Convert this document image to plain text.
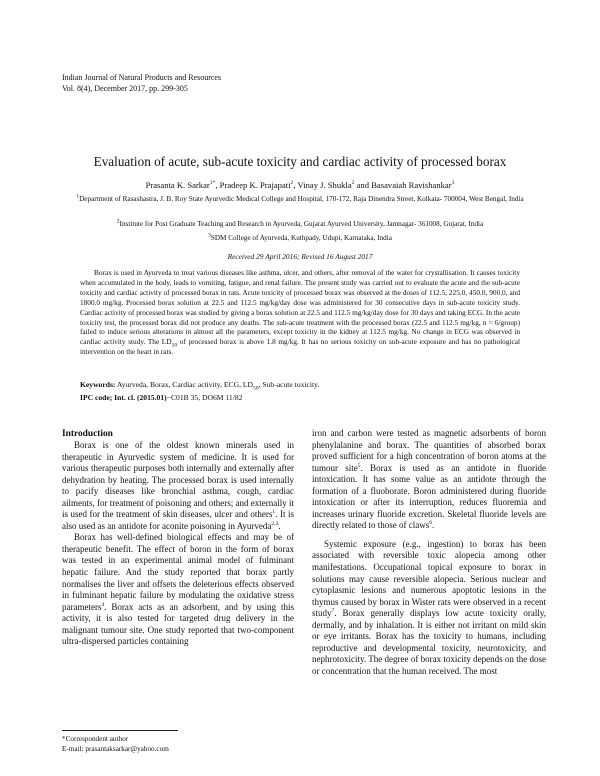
Indian Journal of Natural Products and Resources
Vol. 8(4), December 2017, pp. 299-305
Evaluation of acute, sub-acute toxicity and cardiac activity of processed borax
Prasanta K. Sarkar$^{1*}$, Pradeep K. Prajapati$^2$, Vinay J. Shukla$^2$ and Basavaiah Ravishankar$^3$
$^1$Department of Rasashastra, J. B. Roy State Ayurvedic Medical College and Hospital, 170-172, Raja Dinendra Street, Kolkata- 700004, West Bengal, India
$^2$Institute for Post Graduate Teaching and Research in Ayurveda, Gujarat Ayurved University, Jamnagar- 361008, Gujarat, India
$^3$SDM College of Ayurveda, Kuthpady, Udupi, Karnataka, India
Received 29 April 2016; Revised 16 August 2017

Borax is used in Ayurveda to treat various diseases like asthma, ulcer, and others, after removal of the water for crystallisation. It causes toxicity when accumulated in the body, leads to vomiting, fatigue, and renal failure. The present study was carried out to evaluate the acute and the sub-acute toxicity and cardiac activity of processed borax in rats. Acute toxicity of processed borax was observed at the doses of 112.5, 225.0, 450.0, 900.0, and 1800.0 mg/kg. Processed borax solution at 22.5 and 112.5 mg/kg/day dose was administered for 30 consecutive days in sub-acute toxicity study. Cardiac activity of processed borax was studied by giving a borax solution at 22.5 and 112.5 mg/kg/day dose for 30 days and taking ECG. In the acute toxicity test, the processed borax did not produce any deaths. The sub-acute treatment with the processed borax (22.5 and 112.5 mg/kg, n = 6/group) failed to induce serious alterations in almost all the parameters, except toxicity in the kidney at 112.5 mg/kg. No change in ECG was observed in cardiac activity study. The $LD_{50}$ of processed borax is above 1.8 mg/kg. It has no serious toxicity on sub-acute exposure and has no pathological intervention on the heart in rats.

Keywords: Ayurveda, Borax, Cardiac activity, ECG, $LD_{50}$, Sub-acute toxicity.
IPC code; Int. cl. (2015.01)−C01B 35, DO6M 11/82

Introduction

Borax is one of the oldest known minerals used in therapeutic in Ayurvedic system of medicine. It is used for various therapeutic purposes both internally and externally after dehydration by heating. The processed borax is used internally to pacify diseases like bronchial asthma, cough, cardiac ailments, for treatment of poisoning and others; and externally it is used for the treatment of skin diseases, ulcer and others$^1$. It is also used as an antidote for aconite poisoning in Ayurveda$^{2,3}$.

Borax has well-defined biological effects and may be of therapeutic benefit. The effect of boron in the form of borax was tested in an experimental animal model of fulminant hepatic failure. And the study reported that borax partly normalises the liver and offsets the deleterious effects observed in fulminant hepatic failure by modulating the oxidative stress parameters$^4$. Borax acts as an adsorbent, and by using this activity, it is also tested for targeted drug delivery in the malignant tumour site. One study reported that two-component ultra-dispersed particles containing

iron and carbon were tested as magnetic adsorbents of boron phenylalanine and borax. The quantities of absorbed borax proved sufficient for a high concentration of boron atoms at the tumour site$^5$. Borax is used as an antidote in fluoride intoxication. It has some value as an antidote through the formation of a fluoborate. Boron administered during fluoride intoxication or after its interruption, reduces fluoremia and increases urinary fluoride excretion. Skeletal fluoride levels are directly related to those of claws$^6$.

Systemic exposure (e.g., ingestion) to borax has been associated with reversible toxic alopecia among other manifestations. Occupational topical exposure to borax in solutions may cause reversible alopecia. Serious nuclear and cytoplasmic lesions and numerous apoptotic lesions in the thymus caused by borax in Wister rats were observed in a recent study$^7$. Borax generally displays low acute toxicity orally, dermally, and by inhalation. It is either not irritant on mild skin or eye irritants. Borax has the toxicity to humans, including reproductive and developmental toxicity, neurotoxicity, and nephrotoxicity. The degree of borax toxicity depends on the dose or concentration that the human received. The most

*Correspondent author
E-mail: prasantaksarkar@yahoo.com
